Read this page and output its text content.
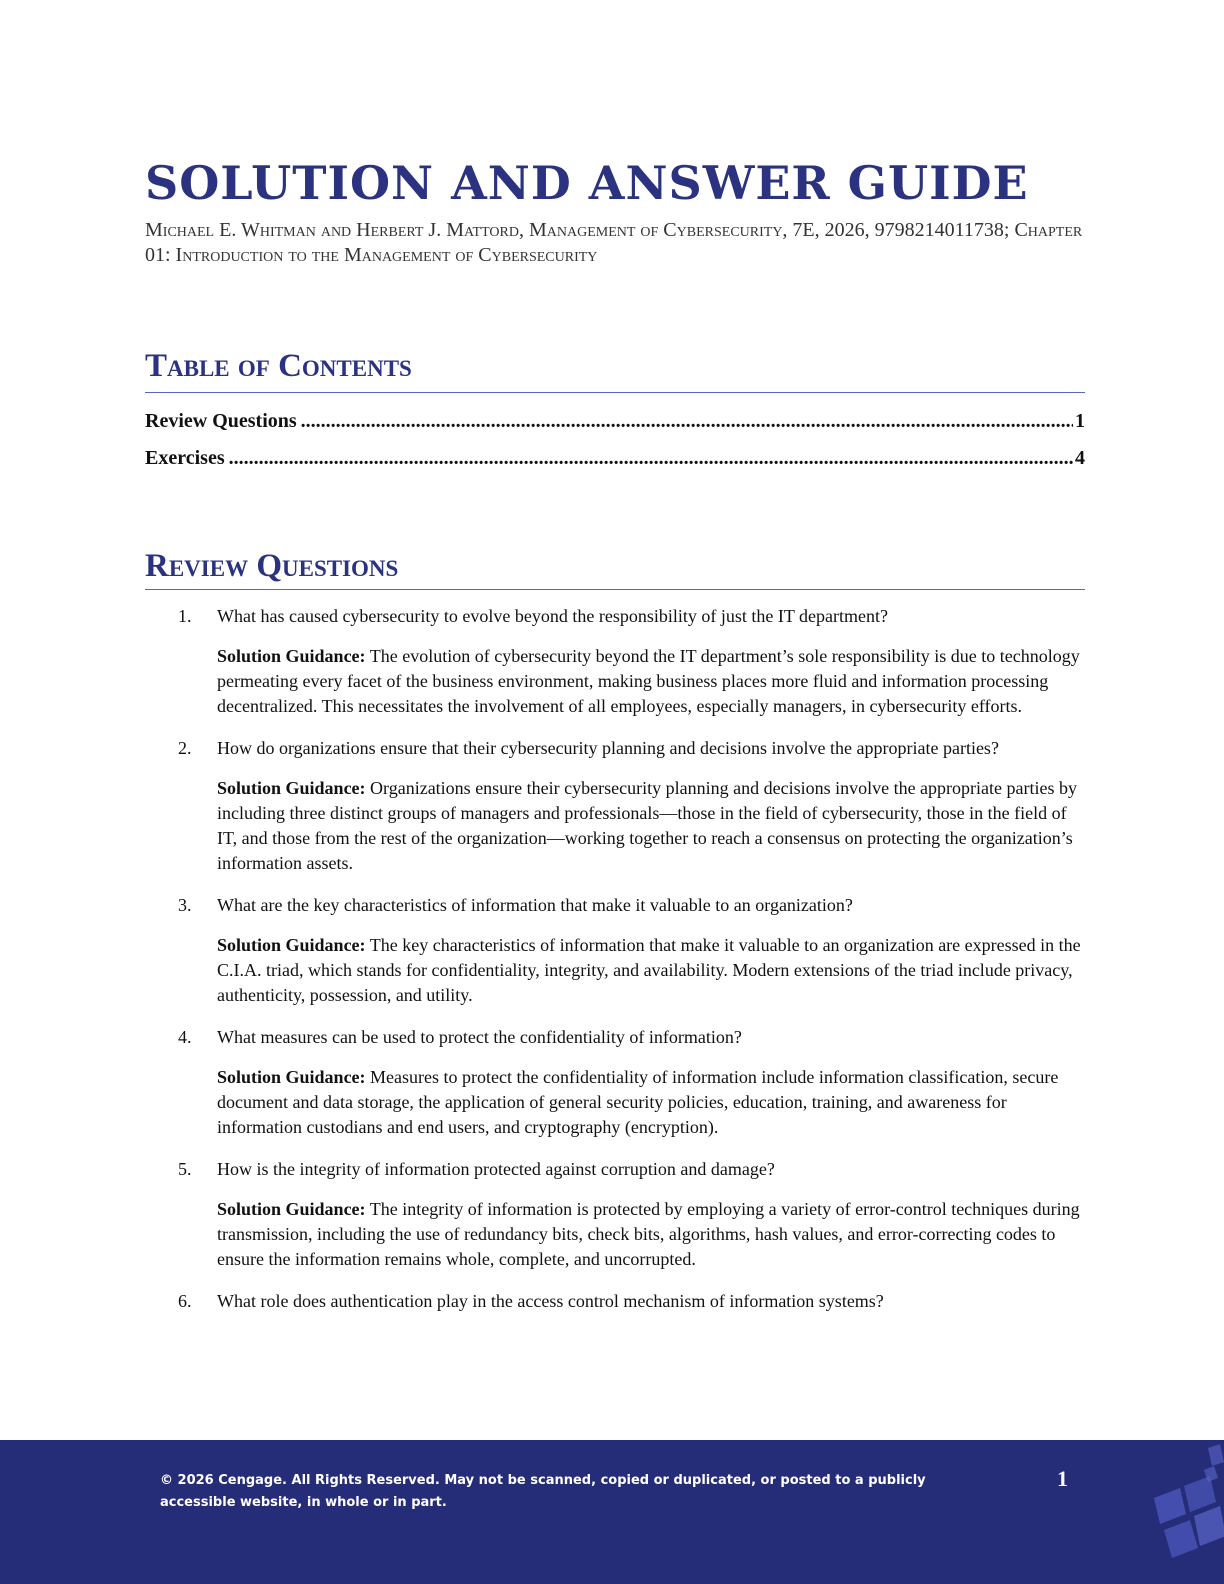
SOLUTION AND ANSWER GUIDE

Michael E. Whitman and Herbert J. Mattord, Management of Cybersecurity, 7E, 2026, 9798214011738; Chapter 01: Introduction to the Management of Cybersecurity

Table of Contents
Review Questions .....	1
Exercises .....	4
Review Questions
1. What has caused cybersecurity to evolve beyond the responsibility of just the IT department?

Solution Guidance: The evolution of cybersecurity beyond the IT department’s sole responsibility is due to technology permeating every facet of the business environment, making business places more fluid and information processing decentralized. This necessitates the involvement of all employees, especially managers, in cybersecurity efforts.

2. How do organizations ensure that their cybersecurity planning and decisions involve the appropriate parties?

Solution Guidance: Organizations ensure their cybersecurity planning and decisions involve the appropriate parties by including three distinct groups of managers and professionals—those in the field of cybersecurity, those in the field of IT, and those from the rest of the organization—working together to reach a consensus on protecting the organization’s information assets.

3. What are the key characteristics of information that make it valuable to an organization?

Solution Guidance: The key characteristics of information that make it valuable to an organization are expressed in the C.I.A. triad, which stands for confidentiality, integrity, and availability. Modern extensions of the triad include privacy, authenticity, possession, and utility.

4. What measures can be used to protect the confidentiality of information?

Solution Guidance: Measures to protect the confidentiality of information include information classification, secure document and data storage, the application of general security policies, education, training, and awareness for information custodians and end users, and cryptography (encryption).

5. How is the integrity of information protected against corruption and damage?

Solution Guidance: The integrity of information is protected by employing a variety of error-control techniques during transmission, including the use of redundancy bits, check bits, algorithms, hash values, and error-correcting codes to ensure the information remains whole, complete, and uncorrupted.

6. What role does authentication play in the access control mechanism of information systems?
© 2026 Cengage. All Rights Reserved. May not be scanned, copied or duplicated, or posted to a publicly accessible website, in whole or in part.
1
